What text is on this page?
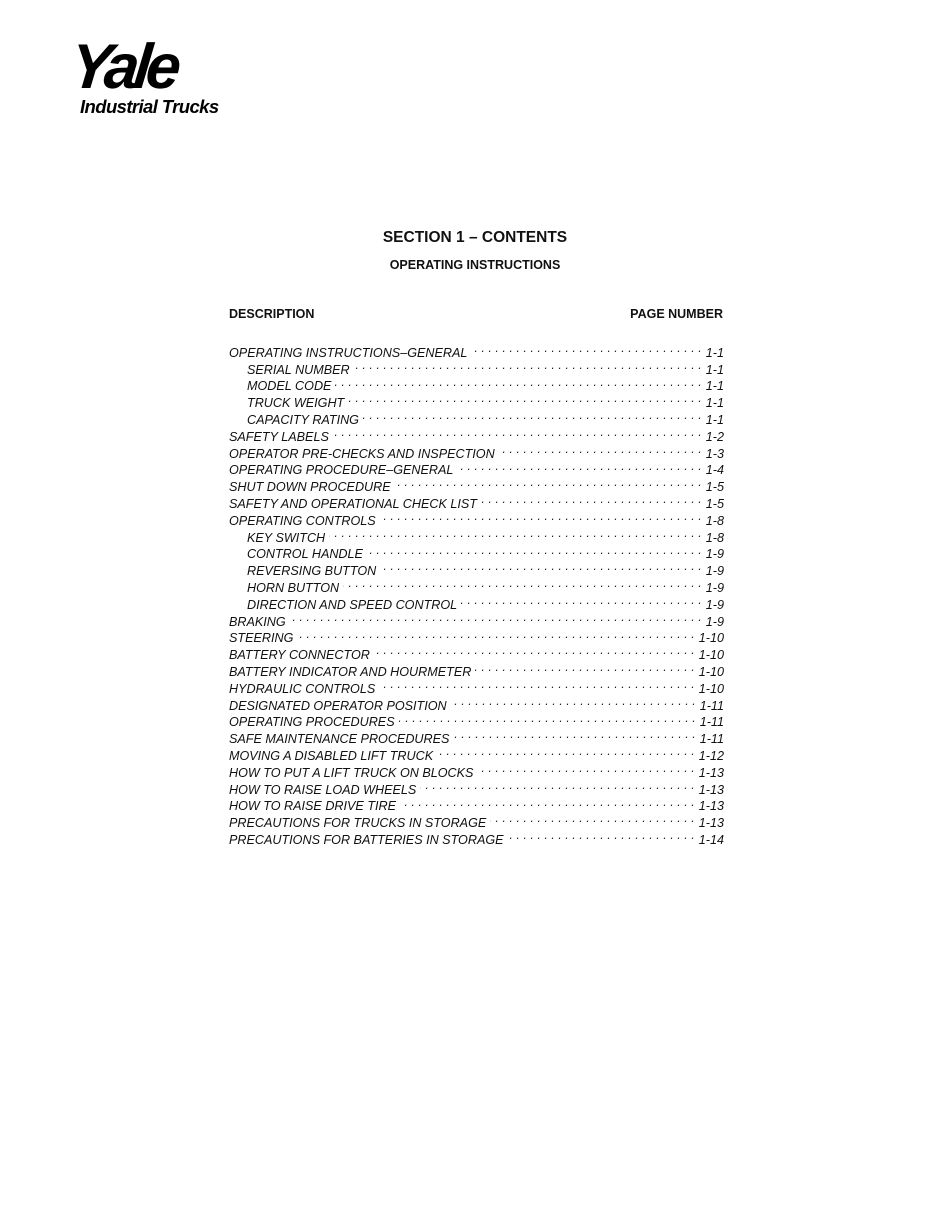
Yale
Industrial Trucks
SECTION 1 – CONTENTS
OPERATING INSTRUCTIONS
DESCRIPTION	PAGE NUMBER
OPERATING INSTRUCTIONS–GENERAL . . .	1-1
SERIAL NUMBER . . .	1-1
MODEL CODE . . .	1-1
TRUCK WEIGHT . . .	1-1
CAPACITY RATING . . .	1-1
SAFETY LABELS . . .	1-2
OPERATOR PRE-CHECKS AND INSPECTION . . .	1-3
OPERATING PROCEDURE–GENERAL . . .	1-4
SHUT DOWN PROCEDURE . . .	1-5
SAFETY AND OPERATIONAL CHECK LIST . . .	1-5
OPERATING CONTROLS . . .	1-8
KEY SWITCH . . .	1-8
CONTROL HANDLE . . .	1-9
REVERSING BUTTON . . .	1-9
HORN BUTTON . . .	1-9
DIRECTION AND SPEED CONTROL . . .	1-9
BRAKING . . .	1-9
STEERING . . .	1-10
BATTERY CONNECTOR . . .	1-10
BATTERY INDICATOR AND HOURMETER . . .	1-10
HYDRAULIC CONTROLS . . .	1-10
DESIGNATED OPERATOR POSITION . . .	1-11
OPERATING PROCEDURES . . .	1-11
SAFE MAINTENANCE PROCEDURES . . .	1-11
MOVING A DISABLED LIFT TRUCK . . .	1-12
HOW TO PUT A LIFT TRUCK ON BLOCKS . . .	1-13
HOW TO RAISE LOAD WHEELS . . .	1-13
HOW TO RAISE DRIVE TIRE . . .	1-13
PRECAUTIONS FOR TRUCKS IN STORAGE . . .	1-13
PRECAUTIONS FOR BATTERIES IN STORAGE . . .	1-14
